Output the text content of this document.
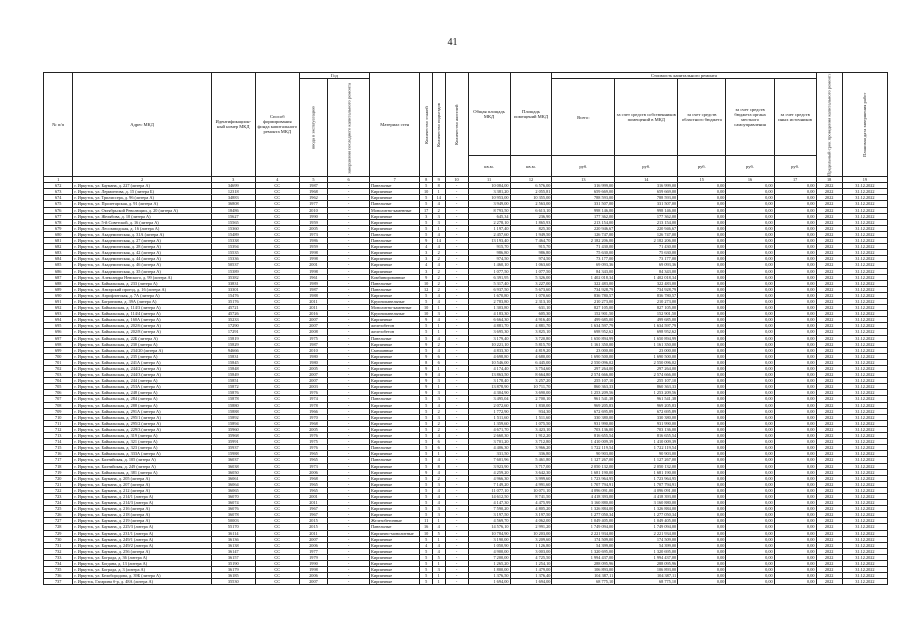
41
№ п/п	Адрес МКД	Идентификацион-ный номер МКД	Способ формирования фонда капитального ремонта МКД	Год		Материал стен	Количество этажей	Количество подъездов	Количество жителей	Общая площадь МКД	Площадь помещений МКД	Стоимость капитального ремонта					Предельный срок проведения капитального ремонта	Плановая дата завершения работ
				ввода в эксплуатацию	завершения последнего капитального ремонта							Всего:	за счет средств собственников помещений в МКД	за счет средств областного бюджета	за счет средств бюджета органа местного самоуправления	за счет средств иных источников		
										кв.м.	кв.м.	руб.	руб.	руб.	руб.	руб.		
1	2	3	4	5	6	7	8	9	10	11	12	13	14	15	16	17	18	19
672	г. Иркутск, ул. Баумана, д. 227 (литера А)	34699	СС	1987	-	Панельные	5	8	-	10 084,00	6 576,00	316 999,00	316 999,00	0,00	0,00	0,00	2022	31.12.2022
673	г. Иркутск, ул. Лермонтова, д. 15 (литера Б)	12318	СС	1968	-	Кирпичные	10	1	-	3 381,20	2 055,81	659 669,00	659 669,00	0,00	0,00	0,00	2022	31.12.2022
674	г. Иркутск, ул. Трилиссера, д. 96 (литера А)	34883	СС	1962	-	Кирпичные	5	14	-	10 953,00	10 355,00	788 593,00	788 593,00	0,00	0,00	0,00	2022	31.12.2022
675	г. Иркутск, ул. Пролетарская, д. 91 (литера А)	36808	СС	1977	-	Панельные	5	4	-	3 949,00	2 563,00	331 507,00	331 507,00	0,00	0,00	0,00	2022	31.12.2022
676	г. Иркутск, ул. Октябрьской Революции, д. 20 (литера А)	18486	СС	2010	-	Монолитно-каменные	17	2	-	8 793,50	6 613,10	998 146,00	998 146,00	0,00	0,00	0,00	2022	31.12.2022
677	г. Иркутск, ул. Желябова, д. 10 (литера А)	15627	СС	1990	-	Кирпичные	3	3	-	645,34	236,90	177 362,00	177 362,00	0,00	0,00	0,00	2022	31.12.2022
678	г. Иркутск, ул. 5-й Советской, д. 16 (литера А)	15565	СС	1959	-	Кирпичные	5	3	-	2 278,10	1 865,93	213 154,00	213 154,00	0,00	0,00	0,00	2022	31.12.2022
679	г. Иркутск, ул. Лесозаводская, д. 16 (литера А)	15360	СС	2005	-	Кирпичные	5	1	-	1 197,40	825,30	220 946,67	220 946,67	0,00	0,00	0,00	2022	31.12.2022
680	г. Иркутск, ул. Академическая, д. 31А (литера А)	15489	СС	1973	-	Панельные	5	4	-	2 457,60	1 949,50	126 747,00	126 747,00	0,00	0,00	0,00	2022	31.12.2022
681	г. Иркутск, ул. Академическая, д. 27 (литера А)	15338	СС	1986	-	Панельные	9	14	-	13 193,40	7 464,70	2 182 206,00	2 182 206,00	0,00	0,00	0,00	2022	31.12.2022
682	г. Иркутск, ул. Академическая, д. 28 (литера А)	15394	СС	1959	-	Кирпичные	4	4	-	915,70	915,70	71 430,00	71 430,00	0,00	0,00	0,00	2022	31.12.2022
683	г. Иркутск, ул. Академическая, д. 42 (литера А)	15535	СС	1998	-	Кирпичные	3	2	-	986,80	986,80	75 630,00	75 630,00	0,00	0,00	0,00	2022	31.12.2022
684	г. Иркутск, ул. Академическая, д. 44 (литера А)	15336	СС	1998	-	Кирпичные	3	2	-	974,50	974,50	73 177,00	73 177,00	0,00	0,00	0,00	2022	31.12.2022
685	г. Иркутск, ул. Академическая, д. 46 (литера А)	50537	СС	2001	-	Кирпичные	4	4	-	1 460,10	1 063,60	69 093,36	69 093,36	0,00	0,00	0,00	2022	31.12.2022
686	г. Иркутск, ул. Академическая, д. 35 (литера А)	15389	СС	1998	-	Кирпичные	3	2	-	1 077,50	1 077,50	84 343,00	84 343,00	0,00	0,00	0,00	2022	31.12.2022
687	г. Иркутск, ул. Александра Невского, д. 99 (литера А)	35382	СС	1961	-	Комбинированные	9	2	-	6 391,95	5 326,00	1 402 018,34	1 402 018,34	0,00	0,00	0,00	2022	31.12.2022
688	г. Иркутск, ул. Байкальская, д. 233 (литера А)	33831	СС	1989	-	Панельные	10	2	-	5 317,40	3 227,00	322 483,00	322 483,00	0,00	0,00	0,00	2022	31.12.2022
689	г. Иркутск, ул. Ангарский проезд, д. 16 (литера А)	33301	СС	1987	-	Панельные	12	2	-	6 937,50	5 673,60	734 928,79	734 928,79	0,00	0,00	0,00	2022	31.12.2022
690	г. Иркутск, ул. Аэрофлотская, д. 7А (литера А)	15476	СС	1988	-	Кирпичные	5	4	-	1 670,80	1 070,60	836 780,57	836 780,57	0,00	0,00	0,00	2022	31.12.2022
691	г. Иркутск, ул. Багратиона, д. 39А (литера А)	35176	СС	2011	-	Крупнопанельные	5	4	-	2 783,80	2 313,10	210 273,00	210 273,00	0,00	0,00	0,00	2022	31.12.2022
692	г. Иркутск, ул. Байкальская, д. 114/3 (литера А)	45721	СС	2011	-	Монолитно-каменные	10	1	-	1 303,80	631,10	827 105,00	827 105,00	0,00	0,00	0,00	2022	31.12.2022
693	г. Иркутск, ул. Байкальская, д. 114/4 (литера А)	45726	СС	2016	-	Крупнопанельные	10	3	-	4 183,30	605,30	152 901,50	152 901,50	0,00	0,00	0,00	2022	31.12.2022
694	г. Иркутск, ул. Байкальская, д. 160А (литера А)	35233	СС	2007	-	Кирпичные	9	4	-	6 664,30	4 916,40	499 685,00	499 685,00	0,00	0,00	0,00	2022	31.12.2022
695	г. Иркутск, ул. Байкальская, д. 202/6 (литера А)	17290	СС	2007	-	железобетон	5	1	-	4 881,70	4 881,70	1 634 597,79	1 634 597,79	0,00	0,00	0,00	2022	31.12.2022
696	г. Иркутск, ул. Байкальская, д. 202/8 (литера А)	17291	СС	2008	-	железобетон	5	1	-	3 695,30	3 825,10	698 952,62	698 952,62	0,00	0,00	0,00	2022	31.12.2022
697	г. Иркутск, ул. Байкальская, д. 22Б (литера А)	15819	СС	1975	-	Панельные	5	4	-	3 179,40	3 720,80	1 650 894,99	1 650 894,99	0,00	0,00	0,00	2022	31.12.2022
698	г. Иркутск, ул. Байкальская, д. 230 (литера А)	15829	СС	1987	-	Кирпичные	9	2	-	10 221,10	5 815,70	1 161 350,00	1 161 350,00	0,00	0,00	0,00	2022	31.12.2022
699	г. Иркутск, ул. Байкальская, д. 234/20 (литера А)	94666	СС	2010	-	Смешанные	5	4	-	4 833,30	4 819,20	23 000,00	23 000,00	0,00	0,00	0,00	2022	31.12.2022
700	г. Иркутск, ул. Байкальская, д. 235 (литера А)	15831	СС	1980	-	Кирпичные	9	6	-	4 698,80	4 680,00	1 690 500,00	1 690 500,00	0,00	0,00	0,00	2022	31.12.2022
701	г. Иркутск, ул. Байкальская, д. 241А (литера А)	15845	СС	1980	-	Кирпичные	8	6	-	10 546,00	6 445,00	2 550 096,02	2 550 096,02	0,00	0,00	0,00	2022	31.12.2022
702	г. Иркутск, ул. Байкальская, д. 244/2 (литера А)	15848	СС	2005	-	Кирпичные	9	1	-	4 174,40	3 754,60	297 264,00	297 264,00	0,00	0,00	0,00	2022	31.12.2022
703	г. Иркутск, ул. Байкальская, д. 244/3 (литера А)	15849	СС	2007	-	Кирпичные	9	4	-	13 863,50	8 664,80	2 574 666,00	2 574 666,00	0,00	0,00	0,00	2022	31.12.2022
704	г. Иркутск, ул. Байкальская, д. 244 (литера А)	15851	СС	2007	-	Кирпичные	9	3	-	3 178,40	3 257,20	255 107,10	255 107,10	0,00	0,00	0,00	2022	31.12.2022
705	г. Иркутск, ул. Байкальская, д. 253А (литера А)	15872	СС	2003	-	Кирпичные	9	1	-	13 878,90	10 711,70	860 363,33	860 363,33	0,00	0,00	0,00	2022	31.12.2022
706	г. Иркутск, ул. Байкальская, д. 248 (литера А)	15876	СС	1976	-	Кирпичные	9	3	-	4 304,90	3 690,00	1 253 209,56	1 253 209,56	0,00	0,00	0,00	2022	31.12.2022
707	г. Иркутск, ул. Байкальская, д. 284 (литера А)	15878	СС	1974	-	Панельные	5	3	-	3 495,04	2 700,10	961 541,38	961 541,38	0,00	0,00	0,00	2022	31.12.2022
708	г. Иркутск, ул. Байкальская, д. 288 (литера А)	15880	СС	1978	-	Кирпичные	5	4	-	2 072,60	1 830,00	969 205,83	969 205,83	0,00	0,00	0,00	2022	31.12.2022
709	г. Иркутск, ул. Байкальская, д. 291А (литера А)	15888	СС	1966	-	Кирпичные	5	2	-	1 772,90	934,30	672 695,89	672 695,89	0,00	0,00	0,00	2022	31.12.2022
710	г. Иркутск, ул. Байкальская, д. 295/1 (литера А)	15892	СС	1970	-	Кирпичные	5	3	-	1 511,60	1 511,60	330 380,00	330 380,00	0,00	0,00	0,00	2022	31.12.2022
711	г. Иркутск, ул. Байкальская, д. 295/2 (литера А)	15894	СС	1968	-	Кирпичные	5	2	-	1 359,60	1 075,50	931 990,00	931 990,00	0,00	0,00	0,00	2022	31.12.2022
712	г. Иркутск, ул. Байкальская, д. 229/3 (литера А)	35960	СС	2005	-	Кирпичные	5	2	-	4 671,70	3 423,10	703 136,00	703 136,00	0,00	0,00	0,00	2022	31.12.2022
713	г. Иркутск, ул. Байкальская, д. 319 (литера А)	35968	СС	1976	-	Кирпичные	5	4	-	2 660,30	1 912,20	816 655,54	816 655,54	0,00	0,00	0,00	2022	31.12.2022
714	г. Иркутск, ул. Байкальская, д. 321 (литера А)	35991	СС	1975	-	Кирпичные	5	6	-	3 701,20	3 712,80	1 410 009,39	1 410 009,39	0,00	0,00	0,00	2022	31.12.2022
715	г. Иркутск, ул. Байкальская, д. 323 (литера А)	35937	СС	1976	-	Панельные	5	6	-	4 406,30	3 966,20	1 722 119,54	1 722 119,54	0,00	0,00	0,00	2022	31.12.2022
716	г. Иркутск, ул. Байкальская, д. 333А (литера А)	15988	СС	1965	-	Кирпичные	5	1	-	331,50	336,80	90 903,00	90 903,00	0,00	0,00	0,00	2022	31.12.2022
717	г. Иркутск, ул. Балтийская, д. 105 (литера А)	36037	СС	1965	-	Панельные	5	4	-	7 601,96	5 461,80	1 127 267,00	1 127 267,00	0,00	0,00	0,00	2022	31.12.2022
718	г. Иркутск, ул. Балтийская, д. 249 (литера А)	36038	СС	1973	-	Кирпичные	5	8	-	3 923,90	3 717,00	2 050 132,00	2 050 132,00	0,00	0,00	0,00	2022	31.12.2022
719	г. Иркутск, ул. Байкальская, д. 381 (литера А)	36050	СС	2006	-	Кирпичные	9	4	-	4 259,20	3 642,30	1 681 190,00	1 681 190,00	0,00	0,00	0,00	2022	31.12.2022
720	г. Иркутск, ул. Баумана, д. 205 (литера А)	36061	СС	1968	-	Кирпичные	5	2	-	4 966,30	3 999,60	1 723 964,95	1 723 964,95	0,00	0,00	0,00	2022	31.12.2022
721	г. Иркутск, ул. Баумана, д. 207 (литера А)	36064	СС	1965	-	Кирпичные	5	3	-	7 149,20	4 991,60	1 707 794,91	1 707 794,91	0,00	0,00	0,00	2022	31.12.2022
722	г. Иркутск, ул. Баумана, д. 212 (литера А)	36065	СС	1965	-	Кирпичные	5	4	-	11 077,10	10 071,10	4 096 091,00	4 096 091,00	0,00	0,00	0,00	2022	31.12.2022
723	г. Иркутск, ул. Баумана, д. 214/1 (литера А)	36070	СС	2001	-	Кирпичные	5	4	-	14 612,50	8 741,50	4 418 393,00	4 418 393,00	0,00	0,00	0,00	2022	31.12.2022
724	г. Иркутск, ул. Баумана, д. 214/3 (литера А)	36074	СС	2011	-	Кирпичные	5	4	-	4 147,30	4 475,99	3 160 880,00	3 160 880,00	0,00	0,00	0,00	2022	31.12.2022
725	г. Иркутск, ул. Баумана, д. 216 (литера А)	36076	СС	1967	-	Кирпичные	5	3	-	7 590,20	4 805,20	1 326 884,00	1 326 884,00	0,00	0,00	0,00	2022	31.12.2022
726	г. Иркутск, ул. Баумана, д. 218 (литера А)	36078	СС	1967	-	Кирпичные	5	3	-	3 197,50	3 197,50	1 277 050,34	1 277 050,34	0,00	0,00	0,00	2022	31.12.2022
727	г. Иркутск, ул. Баумана, д. 219 (литера А)	50003	СС	2015	-	Железобетонные	11	1	-	4 569,70	4 062,00	1 049 405,00	1 049 405,00	0,00	0,00	0,00	2022	31.12.2022
728	г. Иркутск, ул. Баумана, д. 225/3 (литера А)	55170	СС	2015	-	Панельные	16	4	-	14 576,10	2 991,20	1 749 094,00	1 749 094,00	0,00	0,00	0,00	2022	31.12.2022
729	г. Иркутск, ул. Баумана, д. 231/1 (литера А)	36114	СС	2011	-	Кирпично-монолитные	10	5	-	10 784,90	10 203,00	2 221 934,00	2 221 934,00	0,00	0,00	0,00	2022	31.12.2022
730	г. Иркутск, ул. Баумана, д. 249/1 (литера А)	36136	СС	2007	-	Кирпичные	5	1	-	3 190,00	3 209,60	174 509,00	174 509,00	0,00	0,00	0,00	2022	31.12.2022
731	г. Иркутск, ул. Баумана, д. 249/2 (литера А)	36138	СС	2006	-	Кирпичные	4	4	-	1 050,90	1 126,80	54 399,00	54 399,00	0,00	0,00	0,00	2022	31.12.2022
732	г. Иркутск, ул. Баумана, д. 256 (литера А)	36147	СС	1977	-	Кирпичные	5	4	-	4 900,00	3 003,00	1 320 695,00	1 320 695,00	0,00	0,00	0,00	2022	31.12.2022
733	г. Иркутск, ул. Бограда, д. 36 (литера А)	36157	СС	1979	-	Кирпичные	5	5	-	7 200,00	4 725,50	1 994 437,00	1 994 437,00	0,00	0,00	0,00	2022	31.12.2022
734	г. Иркутск, ул. Богдана, д. 13 (литера А)	35190	СС	1990	-	Кирпичные	5	1	-	1 265,20	1 254,10	288 095,96	288 095,96	0,00	0,00	0,00	2022	31.12.2022
735	г. Иркутск, ул. Бограда, д. 3 (литера А)	36179	СС	1998	-	Кирпичные	5	3	-	1 800,00	1 479,00	106 893,00	106 893,00	0,00	0,00	0,00	2022	31.12.2022
736	г. Иркутск, ул. Белобородова, д. 39Б (литера А)	36185	СС	2006	-	Кирпичные	5	1	-	1 376,50	1 376,40	104 387,11	104 387,11	0,00	0,00	0,00	2022	31.12.2022
737	г. Иркутск, Гагарина б-р, д. 48А (литера А)	35530	СС	2007	-	Кирпичные	5	1	-	1 694,00	1 694,00	68 775,10	68 775,10	0,00	0,00	0,00	2022	31.12.2022
